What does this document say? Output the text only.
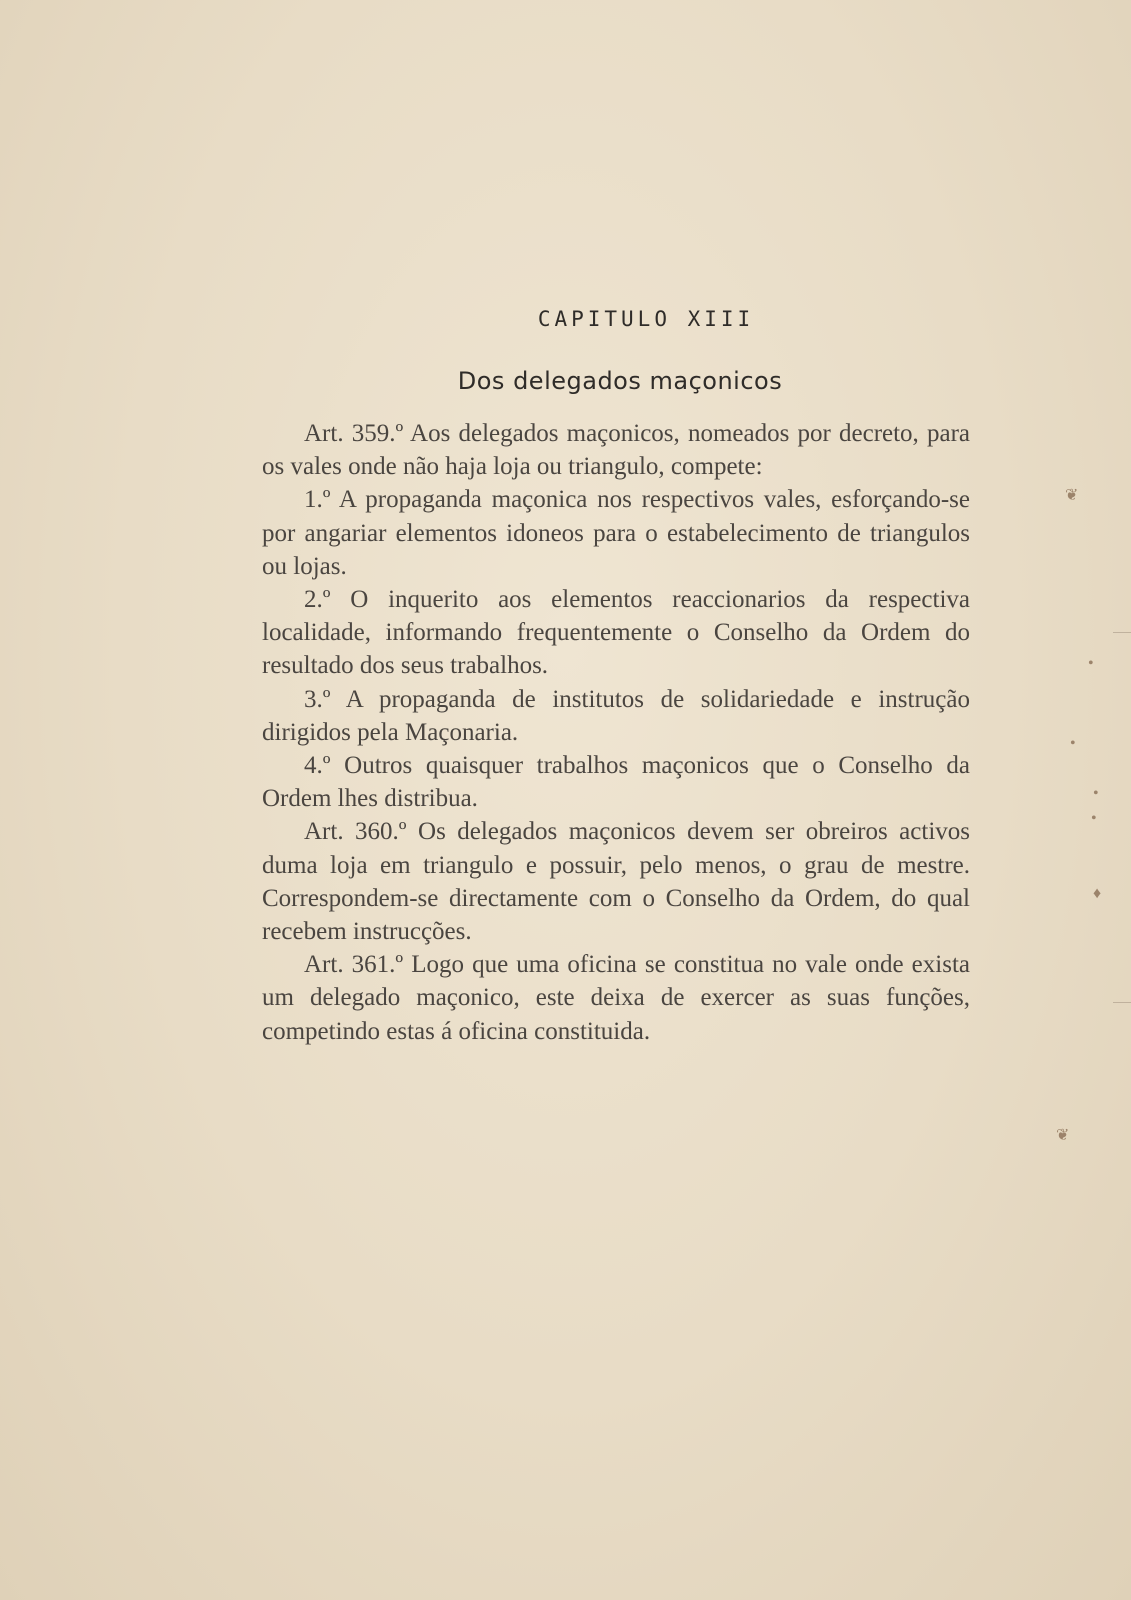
CAPITULO XIII
Dos delegados maçonicos

Art. 359.º Aos delegados maçonicos, nomeados por decreto, para os vales onde não haja loja ou triangulo, compete:

1.º A propaganda maçonica nos respectivos vales, esforçando-se por angariar elementos idoneos para o estabelecimento de triangulos ou lojas.

2.º O inquerito aos elementos reaccionarios da respectiva localidade, informando frequentemente o Conselho da Ordem do resultado dos seus trabalhos.

3.º A propaganda de institutos de solidariedade e instrução dirigidos pela Maçonaria.

4.º Outros quaisquer trabalhos maçonicos que o Conselho da Ordem lhes distribua.

Art. 360.º Os delegados maçonicos devem ser obreiros activos duma loja em triangulo e possuir, pelo menos, o grau de mestre. Correspondem-se directamente com o Conselho da Ordem, do qual recebem instrucções.

Art. 361.º Logo que uma oficina se constitua no vale onde exista um delegado maçonico, este deixa de exercer as suas funções, competindo estas á oficina constituida.

❦
•
•
•
•
♦
❦
